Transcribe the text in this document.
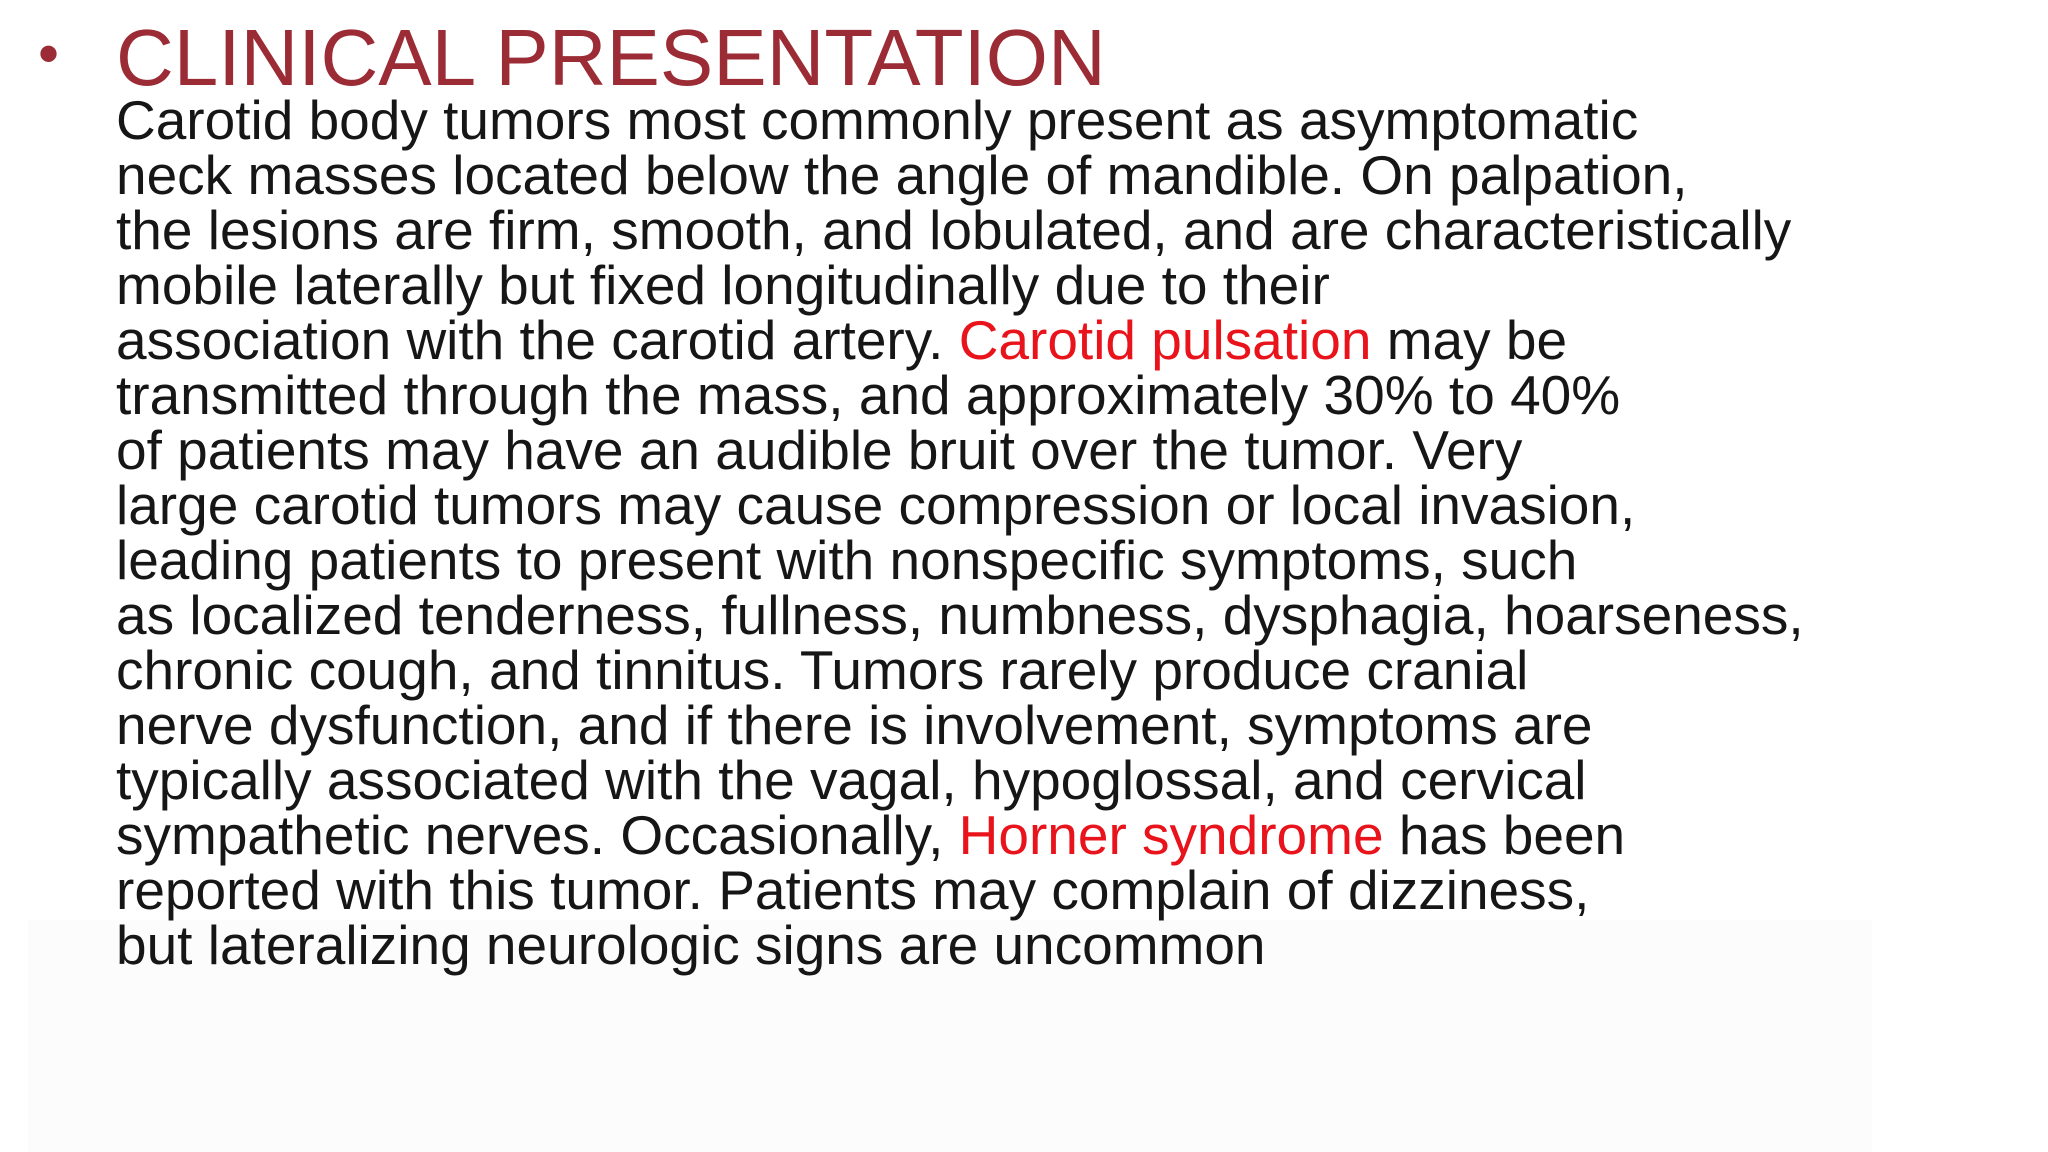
• CLINICAL PRESENTATION
Carotid body tumors most commonly present as asymptomatic
neck masses located below the angle of mandible. On palpation,
the lesions are firm, smooth, and lobulated, and are characteristically
mobile laterally but fixed longitudinally due to their
association with the carotid artery. Carotid pulsation may be
transmitted through the mass, and approximately 30% to 40%
of patients may have an audible bruit over the tumor. Very
large carotid tumors may cause compression or local invasion,
leading patients to present with nonspecific symptoms, such
as localized tenderness, fullness, numbness, dysphagia, hoarseness,
chronic cough, and tinnitus. Tumors rarely produce cranial
nerve dysfunction, and if there is involvement, symptoms are
typically associated with the vagal, hypoglossal, and cervical
sympathetic nerves. Occasionally, Horner syndrome has been
reported with this tumor. Patients may complain of dizziness,
but lateralizing neurologic signs are uncommon
